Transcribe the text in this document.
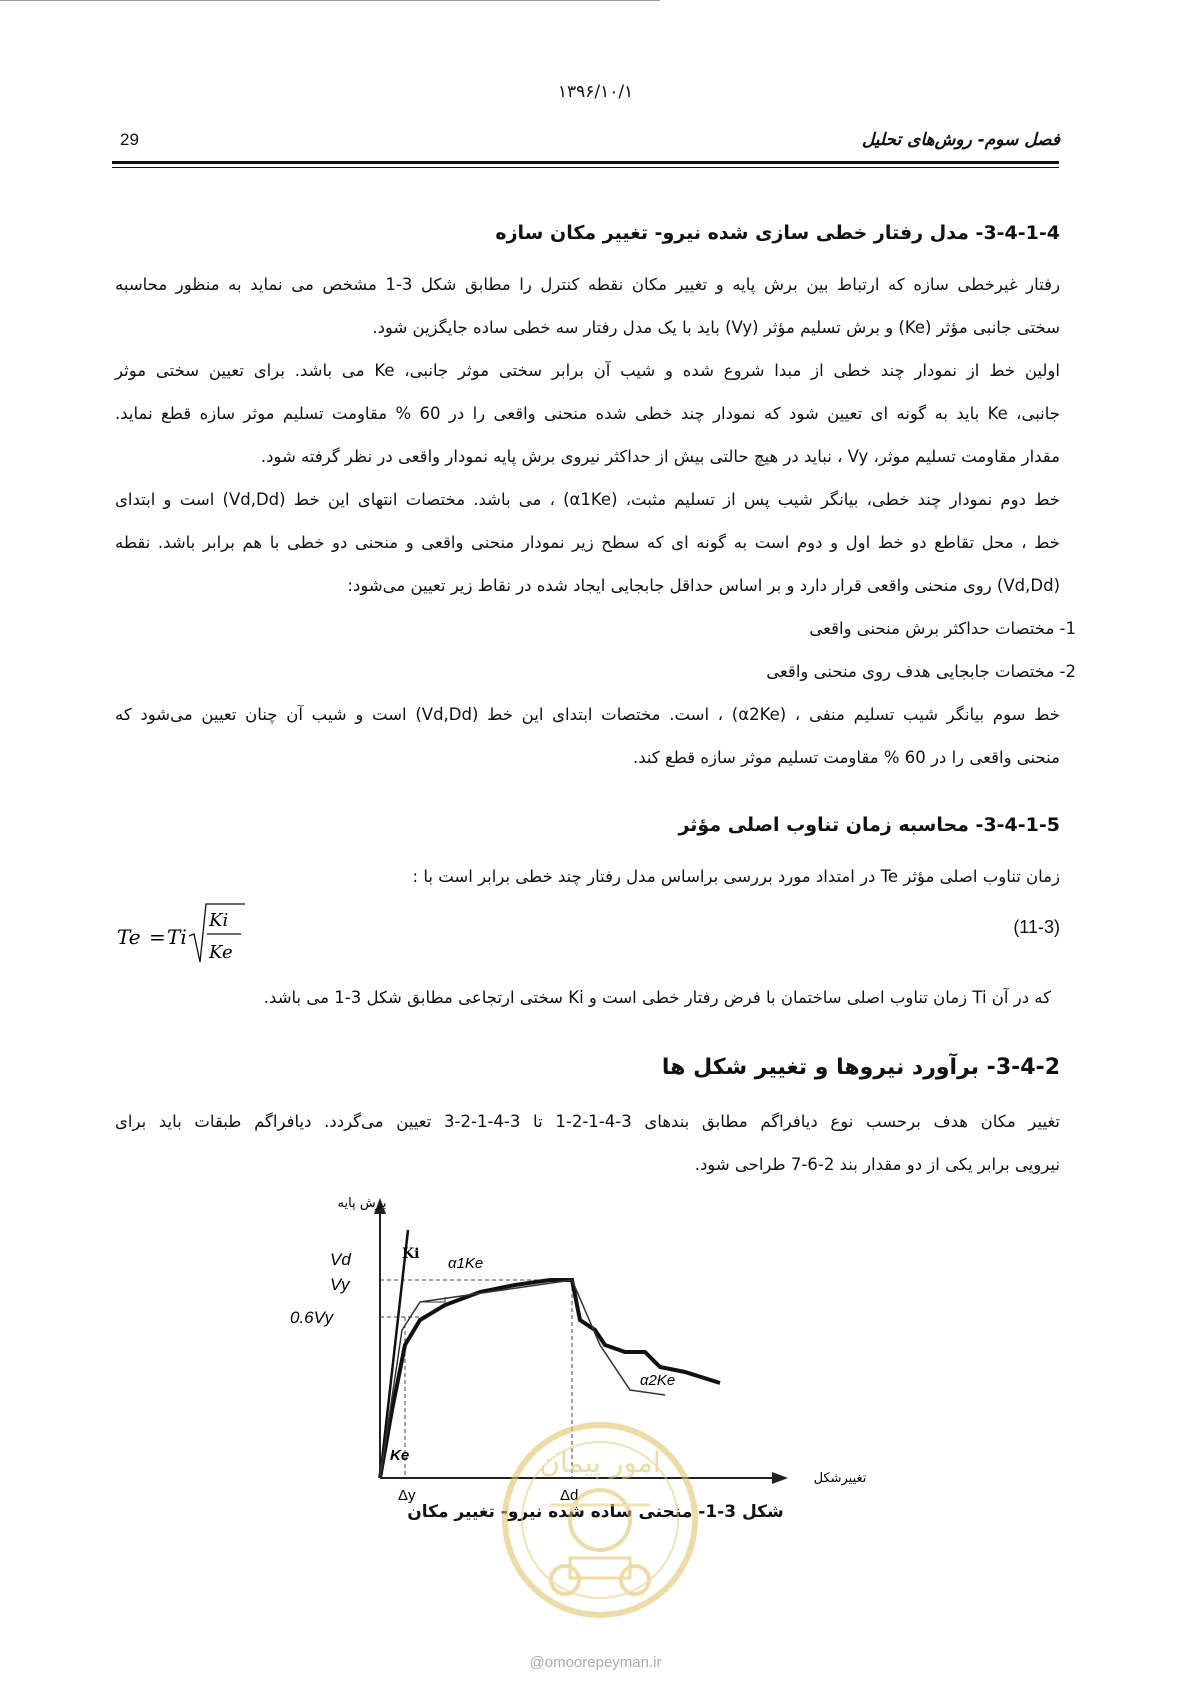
۱۳۹۶/۱۰/۱
29	فصل سوم- روش‌های تحلیل
3-4-1-4- مدل رفتار خطی سازی شده نیرو- تغییر مکان سازه
رفتار غیرخطی سازه که ارتباط بین برش پایه و تغییر مکان نقطه کنترل را مطابق شکل 3-1 مشخص می نماید به منظور محاسبه
سختی جانبی مؤثر (Ke) و برش تسلیم مؤثر (Vy) باید با یک مدل رفتار سه خطی ساده جایگزین شود.
اولین خط از نمودار چند خطی از مبدا شروع شده و شیب آن برابر سختی موثر جانبی، Ke می باشد. برای تعیین سختی موثر
جانبی، Ke باید به گونه ای تعیین شود که نمودار چند خطی شده منحنی واقعی را در 60 % مقاومت تسلیم موثر سازه قطع نماید.
مقدار مقاومت تسلیم موثر، Vy ، نباید در هیچ حالتی بیش از حداکثر نیروی برش پایه نمودار واقعی در نظر گرفته شود.
خط دوم نمودار چند خطی، بیانگر شیب پس از تسلیم مثبت، (α1Ke) ، می باشد. مختصات انتهای این خط (Vd,Dd) است و ابتدای
خط ، محل تقاطع دو خط اول و دوم است به گونه ای که سطح زیر نمودار منحنی واقعی و منحنی دو خطی با هم برابر باشد. نقطه
(Vd,Dd) روی منحنی واقعی قرار دارد و بر اساس حداقل جابجایی ایجاد شده در نقاط زیر تعیین می‌شود:
1- مختصات حداکثر برش منحنی واقعی
2- مختصات جابجایی هدف روی منحنی واقعی
خط سوم بیانگر شیب تسلیم منفی ، (α2Ke) ، است. مختصات ابتدای این خط (Vd,Dd) است و شیب آن چنان تعیین می‌شود که
منحنی واقعی را در 60 % مقاومت تسلیم موثر سازه قطع کند.
3-4-1-5- محاسبه زمان تناوب اصلی مؤثر
زمان تناوب اصلی مؤثر Te در امتداد مورد بررسی براساس مدل رفتار چند خطی برابر است با :
Te = Ti
Ki
Ke
(11-3)
که در آن Ti زمان تناوب اصلی ساختمان با فرض رفتار خطی است و Ki سختی ارتجاعی مطابق شکل 3-1 می باشد.
3-4-2- برآورد نیروها و تغییر شکل ها
تغییر مکان هدف برحسب نوع دیافراگم مطابق بندهای 3-4-1-2-1 تا 3-4-1-2-3 تعیین می‌گردد. دیافراگم طبقات باید برای
نیرویی برابر یکی از دو مقدار بند 2-6-7 طراحی شود.
برش پایه
تغییرشکل
Vd
Vy
0.6Vy
Ki
Ke
α1Ke
α2Ke
Δy	Δd
شکل 3-1- منحنی ساده شده نیرو- تغییر مکان
امور پیمان
@omoorepeyman.ir
